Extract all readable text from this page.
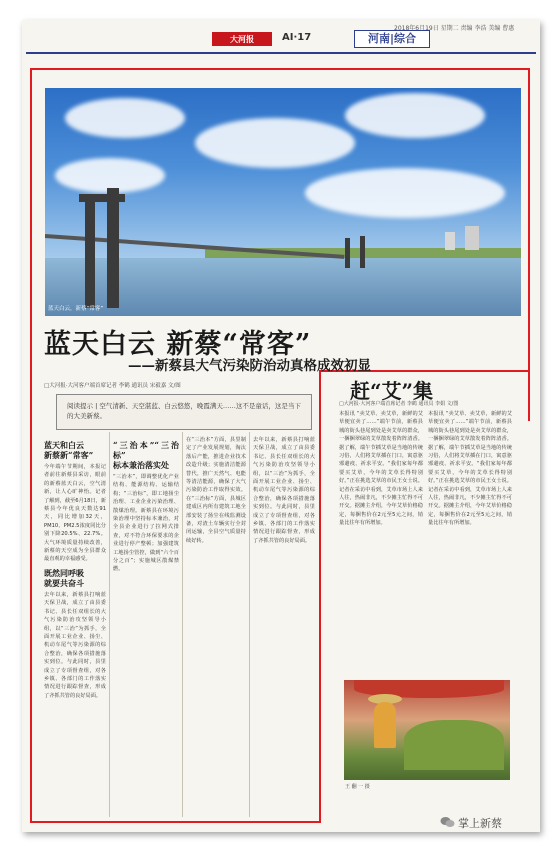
大河报	AⅠ·17	河南|综合
2018年6月19日 星期二 责编 李浩 美编 曹惠
蓝天白云，新蔡“常客”
蓝天白云 新蔡“常客”
——新蔡县大气污染防治动真格成效初显
□大河报·大河客户端首席记者 李鹤 通讯员 宋毅嘉 文/图
阅读提示 | 空气清新、天空湛蓝、白云悠悠，晚霞满天……这不是童话，这是当下的大美新蔡。
蓝天和白云
新蔡新“常客”
今年端午节期间，本报记者前往新蔡县采访，眼前的新蔡蓝天白云，空气清新，让人心旷神怡。记者了解到，截至6月18日，新蔡县今年优良天数达91天，同比增加32天，PM10、PM2.5浓度同比分别下降20.5%、22.7%。大气环境质量持续改善，新蔡的天空成为全县群众最直观的幸福感受。
既然同呼吸
就要共奋斗
去年以来，新蔡县打响蓝天保卫战，成立了由县委书记、县长任双组长的大气污染防治攻坚领导小组，以“三治”为抓手，全面开展工业企业、扬尘、机动车尾气等污染源的综合整治，确保各项措施落实到位。与此同时，县里成立了专项督查组，对各乡镇、各部门的工作落实情况进行跟踪督查，形成了齐抓共管的良好局面。
“三治本”“三治标”
标本兼治落实处
“三治本”，即调整优化产业结构、能源结构、运输结构；“三治标”，即工地扬尘治理、工业企业污染治理、散煤治理。新蔡县在环境污染治理中坚持标本兼治，对全县企业进行了拉网式排查，对不符合环保要求的企业进行停产整顿；加强建筑工地扬尘管控，做到“六个百分之百”；实施城区散煤禁燃。
在“三治本”方面，县里制定了产业发展规划，淘汰落后产能，推进企业技术改造升级；实施清洁能源替代，推广天然气、电能等清洁能源，确保了大气污染防治工作取得实效。在“三治标”方面，县城区建成区内所有建筑工地全部安装了扬尘在线监测设备，对渣土车辆实行全封闭运输，全县空气质量持续好转。
去年以来，新蔡县打响蓝天保卫战，成立了由县委书记、县长任双组长的大气污染防治攻坚领导小组，以“三治”为抓手，全面开展工业企业、扬尘、机动车尾气等污染源的综合整治，确保各项措施落实到位。与此同时，县里成立了专项督查组，对各乡镇、各部门的工作落实情况进行跟踪督查，形成了齐抓共管的良好局面。
赶“艾”集
□大河报·大河客户端首席记者 李鹤 通讯员 李娟 文/图
本报讯 “卖艾草、卖艾草，新鲜的艾草便宜卖了……”端午节前，新蔡县城的街头巷尾到处是卖艾草的群众，一捆捆翠绿的艾草散发着阵阵清香。据了解，端午节插艾草是当地的传统习俗，人们将艾草插在门口，寓意驱邪避疫、祈求平安。“我们家每年都要买艾草，今年的艾草长得特别好。”正在挑选艾草的市民王女士说。记者在采访中看到，艾草市场上人来人往，热闹非凡，不少摊主忙得不可开交。据摊主介绍，今年艾草价格稳定，每捆售价在2元至5元之间，销量比往年有所增加。
本报讯 “卖艾草、卖艾草，新鲜的艾草便宜卖了……”端午节前，新蔡县城的街头巷尾到处是卖艾草的群众，一捆捆翠绿的艾草散发着阵阵清香。据了解，端午节插艾草是当地的传统习俗，人们将艾草插在门口，寓意驱邪避疫、祈求平安。“我们家每年都要买艾草，今年的艾草长得特别好。”正在挑选艾草的市民王女士说。记者在采访中看到，艾草市场上人来人往，热闹非凡，不少摊主忙得不可开交。据摊主介绍，今年艾草价格稳定，每捆售价在2元至5元之间，销量比往年有所增加。
王 翻 一 摄
掌上新蔡
